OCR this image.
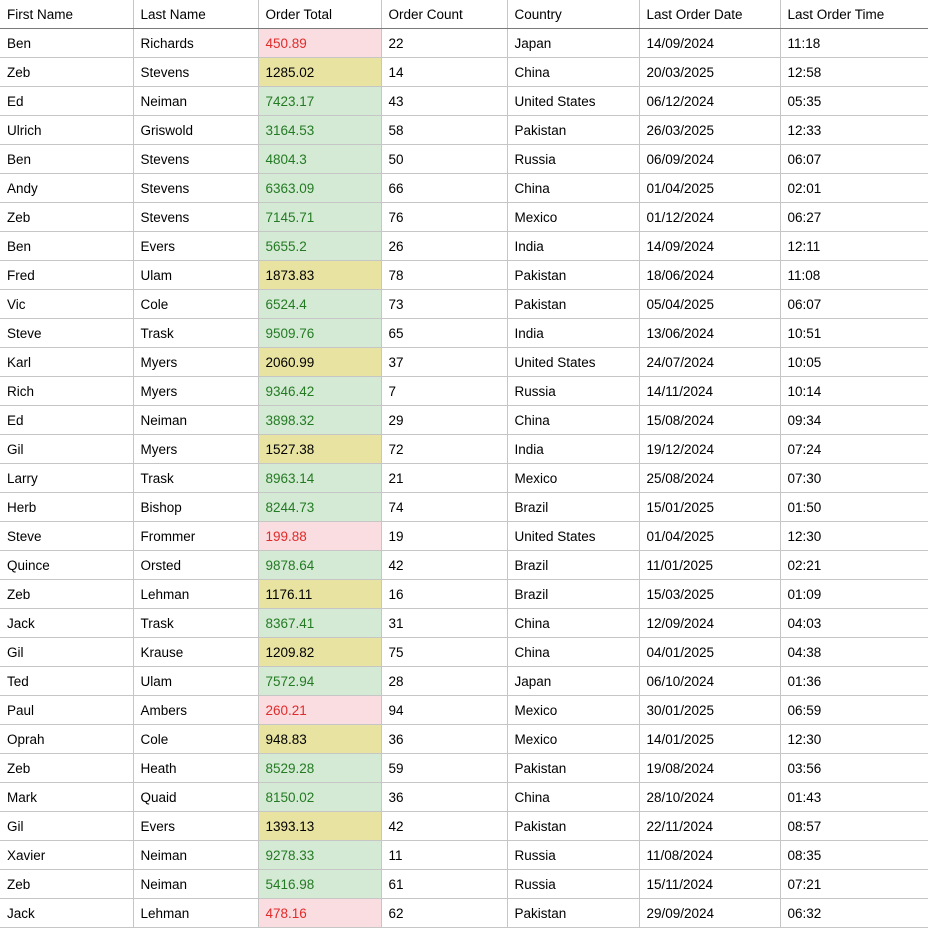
First Name	Last Name	Order Total	Order Count	Country	Last Order Date	Last Order Time
Ben	Richards	450.89	22	Japan	14/09/2024	11:18
Zeb	Stevens	1285.02	14	China	20/03/2025	12:58
Ed	Neiman	7423.17	43	United States	06/12/2024	05:35
Ulrich	Griswold	3164.53	58	Pakistan	26/03/2025	12:33
Ben	Stevens	4804.3	50	Russia	06/09/2024	06:07
Andy	Stevens	6363.09	66	China	01/04/2025	02:01
Zeb	Stevens	7145.71	76	Mexico	01/12/2024	06:27
Ben	Evers	5655.2	26	India	14/09/2024	12:11
Fred	Ulam	1873.83	78	Pakistan	18/06/2024	11:08
Vic	Cole	6524.4	73	Pakistan	05/04/2025	06:07
Steve	Trask	9509.76	65	India	13/06/2024	10:51
Karl	Myers	2060.99	37	United States	24/07/2024	10:05
Rich	Myers	9346.42	7	Russia	14/11/2024	10:14
Ed	Neiman	3898.32	29	China	15/08/2024	09:34
Gil	Myers	1527.38	72	India	19/12/2024	07:24
Larry	Trask	8963.14	21	Mexico	25/08/2024	07:30
Herb	Bishop	8244.73	74	Brazil	15/01/2025	01:50
Steve	Frommer	199.88	19	United States	01/04/2025	12:30
Quince	Orsted	9878.64	42	Brazil	11/01/2025	02:21
Zeb	Lehman	1176.11	16	Brazil	15/03/2025	01:09
Jack	Trask	8367.41	31	China	12/09/2024	04:03
Gil	Krause	1209.82	75	China	04/01/2025	04:38
Ted	Ulam	7572.94	28	Japan	06/10/2024	01:36
Paul	Ambers	260.21	94	Mexico	30/01/2025	06:59
Oprah	Cole	948.83	36	Mexico	14/01/2025	12:30
Zeb	Heath	8529.28	59	Pakistan	19/08/2024	03:56
Mark	Quaid	8150.02	36	China	28/10/2024	01:43
Gil	Evers	1393.13	42	Pakistan	22/11/2024	08:57
Xavier	Neiman	9278.33	11	Russia	11/08/2024	08:35
Zeb	Neiman	5416.98	61	Russia	15/11/2024	07:21
Jack	Lehman	478.16	62	Pakistan	29/09/2024	06:32
